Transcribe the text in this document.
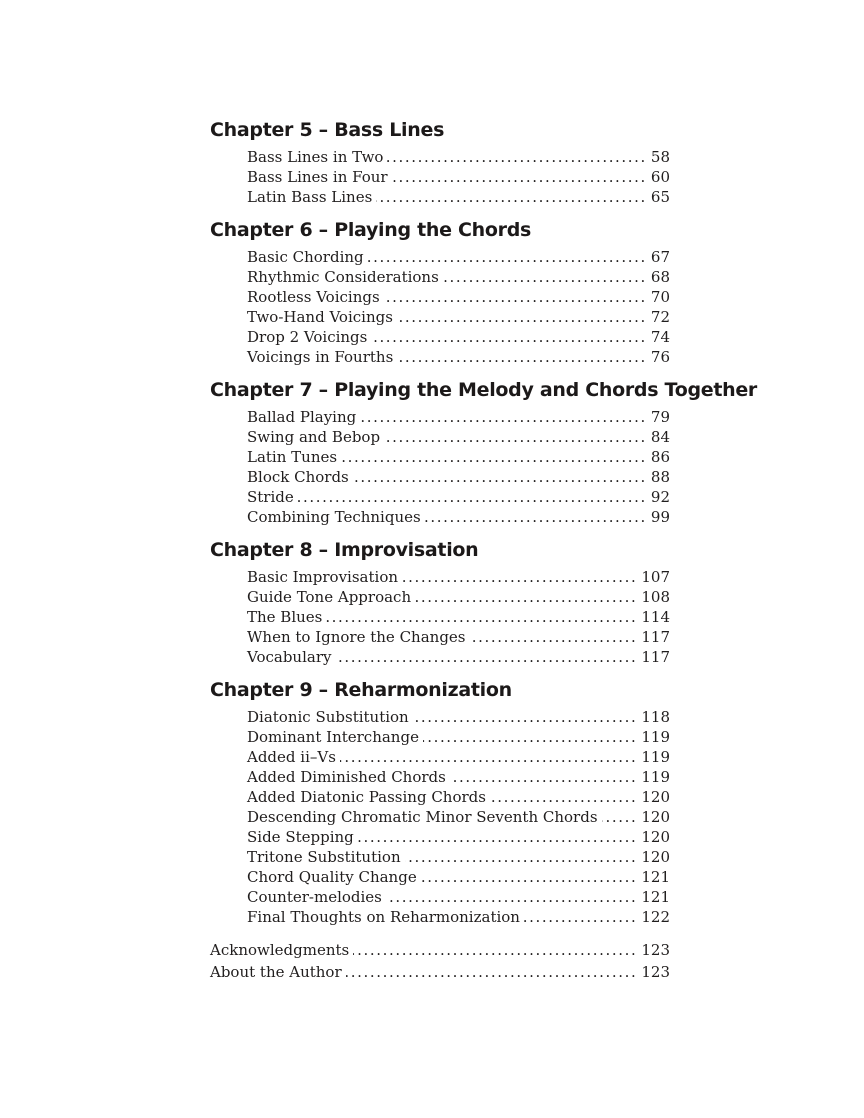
Chapter 5 – Bass Lines
Bass Lines in Two .....	58
Bass Lines in Four .....	60
Latin Bass Lines .....	65
Chapter 6 – Playing the Chords
Basic Chording .....	67
Rhythmic Considerations .....	68
Rootless Voicings .....	70
Two-Hand Voicings .....	72
Drop 2 Voicings .....	74
Voicings in Fourths .....	76
Chapter 7 – Playing the Melody and Chords Together
Ballad Playing .....	79
Swing and Bebop .....	84
Latin Tunes .....	86
Block Chords .....	88
Stride .....	92
Combining Techniques .....	99
Chapter 8 – Improvisation
Basic Improvisation .....	107
Guide Tone Approach .....	108
The Blues .....	114
When to Ignore the Changes .....	117
Vocabulary .....	117
Chapter 9 – Reharmonization
Diatonic Substitution .....	118
Dominant Interchange .....	119
Added ii–Vs .....	119
Added Diminished Chords .....	119
Added Diatonic Passing Chords .....	120
Descending Chromatic Minor Seventh Chords .....	120
Side Stepping .....	120
Tritone Substitution .....	120
Chord Quality Change .....	121
Counter-melodies .....	121
Final Thoughts on Reharmonization .....	122
Acknowledgments .....	123
About the Author .....	123
